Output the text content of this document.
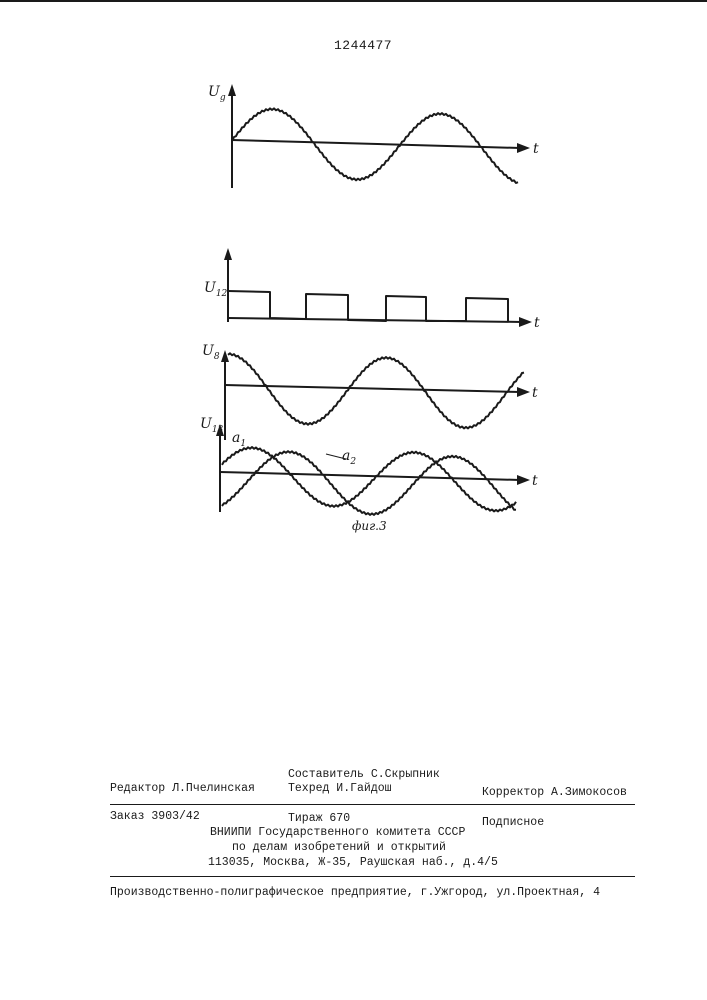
1244477
$U_g$
t
$U_{12}$
t
$U_8$
t
$U_{13}$
t
$a_1$
$a_2$
фиг.3
Составитель С.Скрыпник
Редактор Л.Пчелинская	Техред И.Гайдош	Корректор А.Зимокосов
Заказ 3903/42	Тираж 670	Подписное
ВНИИПИ Государственного комитета СССР
по делам изобретений и открытий
113035, Москва, Ж-35, Раушская наб., д.4/5
Производственно-полиграфическое предприятие, г.Ужгород, ул.Проектная, 4
